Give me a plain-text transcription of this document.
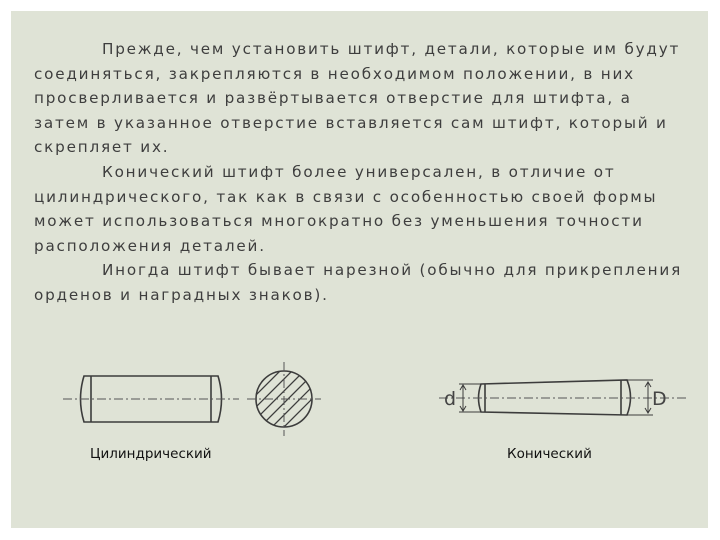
Прежде, чем установить штифт, детали, которые им будут соединяться, закрепляются в необходимом положении, в них просверливается и развёртывается отверстие для штифта, а затем в указанное отверстие вставляется сам штифт, который и скрепляет их.

Конический штифт более универсален, в отличие от цилиндрического, так как в связи с особенностью своей формы может использоваться многократно без уменьшения точности расположения деталей.

Иногда штифт бывает нарезной (обычно для прикрепления орденов и наградных знаков).

d	D
Цилиндрический	Конический
